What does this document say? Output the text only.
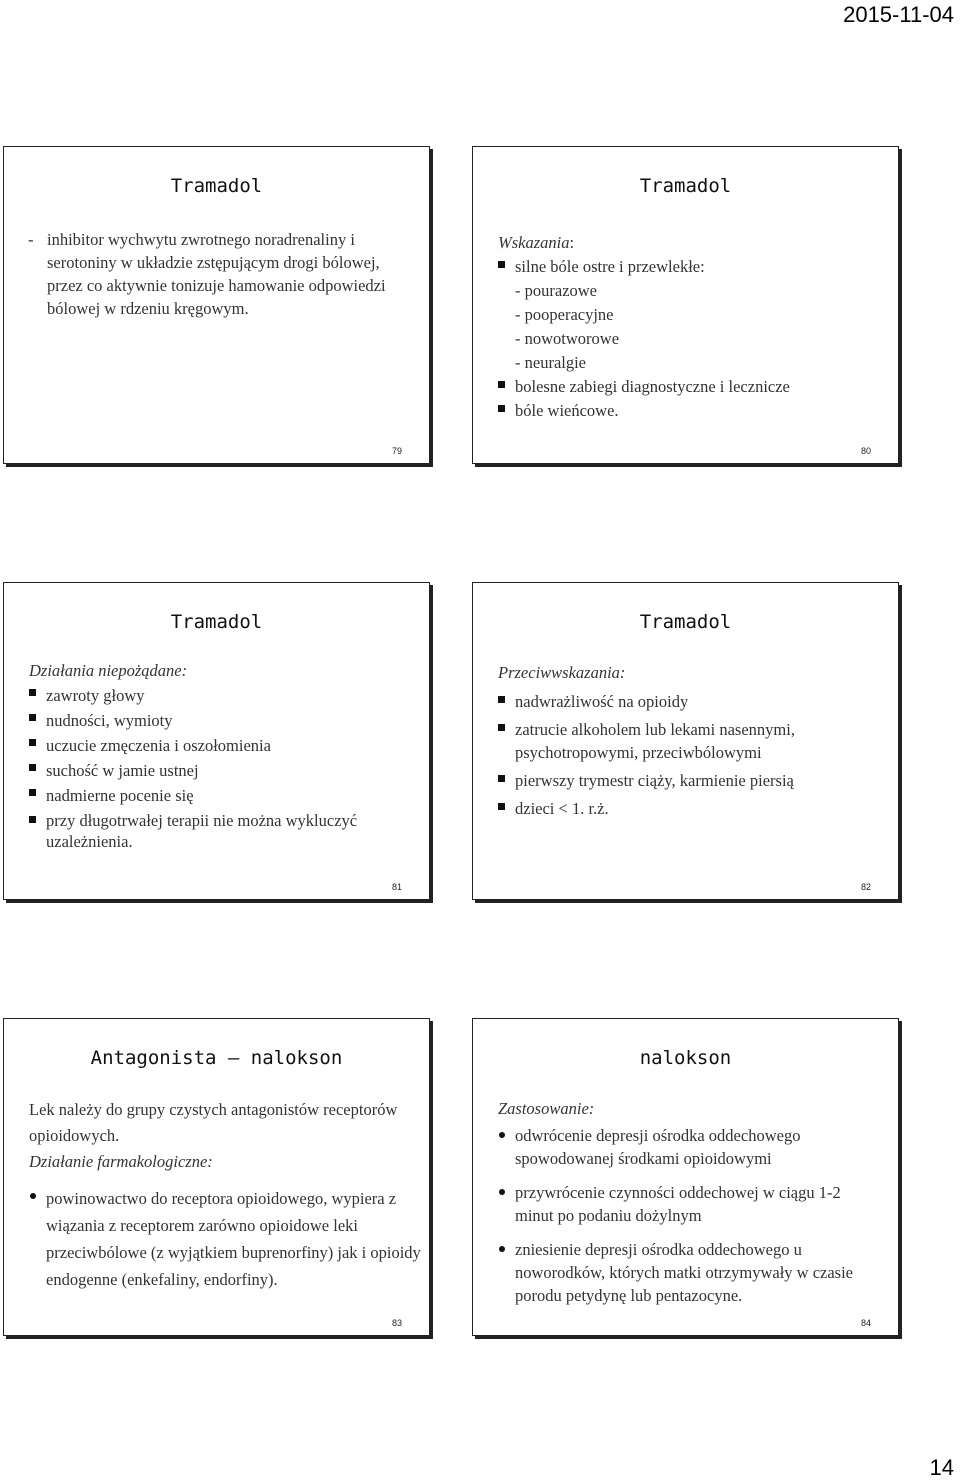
2015-11-04
Tramadol
- inhibitor wychwytu zwrotnego noradrenaliny i serotoniny w układzie zstępującym drogi bólowej, przez co aktywnie tonizuje hamowanie odpowiedzi bólowej w rdzeniu kręgowym.
79
Tramadol
Wskazania:
silne bóle ostre i przewlekłe:
- pourazowe
- pooperacyjne
- nowotworowe
- neuralgie
bolesne zabiegi diagnostyczne i lecznicze
bóle wieńcowe.
80
Tramadol
Działania niepożądane:
zawroty głowy
nudności, wymioty
uczucie zmęczenia i oszołomienia
suchość w jamie ustnej
nadmierne pocenie się
przy długotrwałej terapii nie można wykluczyć uzależnienia.
81
Tramadol
Przeciwwskazania:
nadwrażliwość na opioidy
zatrucie alkoholem lub lekami nasennymi, psychotropowymi, przeciwbólowymi
pierwszy trymestr ciąży, karmienie piersią
dzieci < 1. r.ż.
82
Antagonista – nalokson
Lek należy do grupy czystych antagonistów receptorów opioidowych.
Działanie farmakologiczne:
powinowactwo do receptora opioidowego, wypiera z wiązania z receptorem zarówno opioidowe leki przeciwbólowe (z wyjątkiem buprenorfiny) jak i opioidy endogenne (enkefaliny, endorfiny).
83
nalokson
Zastosowanie:
odwrócenie depresji ośrodka oddechowego spowodowanej środkami opioidowymi
przywrócenie czynności oddechowej w ciągu 1-2 minut po podaniu dożylnym
zniesienie depresji ośrodka oddechowego u noworodków, których matki otrzymywały w czasie porodu petydynę lub pentazocyne.
84
14
